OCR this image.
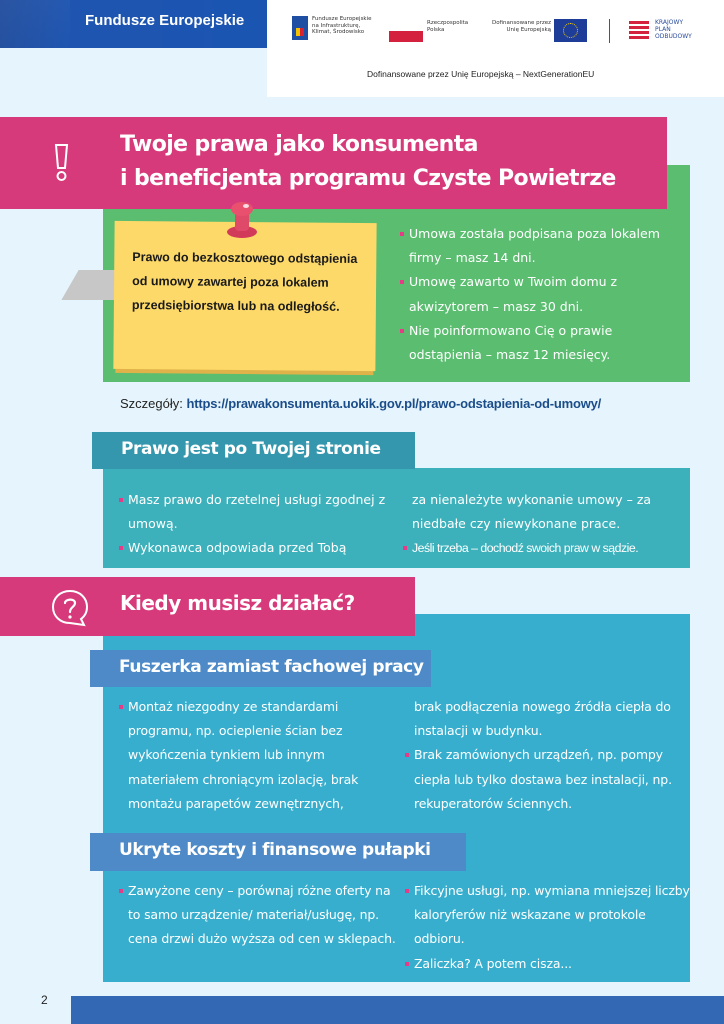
Fundusze Europejskie	Fundusze Europejskie
na Infrastrukturę,
Klimat, Środowisko
Rzeczpospolita
Polska
Dofinansowane przez
Unię Europejską
KRAJOWY
PLAN
ODBUDOWY
Dofinansowane przez Unię Europejską – NextGenerationEU
Twoje prawa jako konsumenta
i beneficjenta programu Czyste Powietrze

Prawo do bezkosztowego odstąpienia od umowy zawartej poza lokalem przedsiębiorstwa lub na odległość.

Umowa została podpisana poza lokalem firmy – masz 14 dni.
Umowę zawarto w Twoim domu z akwizytorem – masz 30 dni.
Nie poinformowano Cię o prawie odstąpienia – masz 12 miesięcy.
Szczegóły: https://prawakonsumenta.uokik.gov.pl/prawo-odstapienia-od-umowy/
Prawo jest po Twojej stronie
Masz prawo do rzetelnej usługi zgodnej z umową.
Wykonawca odpowiada przed Tobą
za nienależyte wykonanie umowy – za niedbałe czy niewykonane prace.
Jeśli trzeba – dochodź swoich praw w sądzie.
Kiedy musisz działać?
Fuszerka zamiast fachowej pracy
Montaż niezgodny ze standardami programu, np. ocieplenie ścian bez wykończenia tynkiem lub innym materiałem chroniącym izolację, brak montażu parapetów zewnętrznych,
brak podłączenia nowego źródła ciepła do instalacji w budynku.
Brak zamówionych urządzeń, np. pompy ciepła lub tylko dostawa bez instalacji, np. rekuperatorów ściennych.
Ukryte koszty i finansowe pułapki
Zawyżone ceny – porównaj różne oferty na to samo urządzenie/ materiał/usługę, np. cena drzwi dużo wyższa od cen w sklepach.
Fikcyjne usługi, np. wymiana mniejszej liczby kaloryferów niż wskazane w protokole odbioru.
Zaliczka? A potem cisza...
2
